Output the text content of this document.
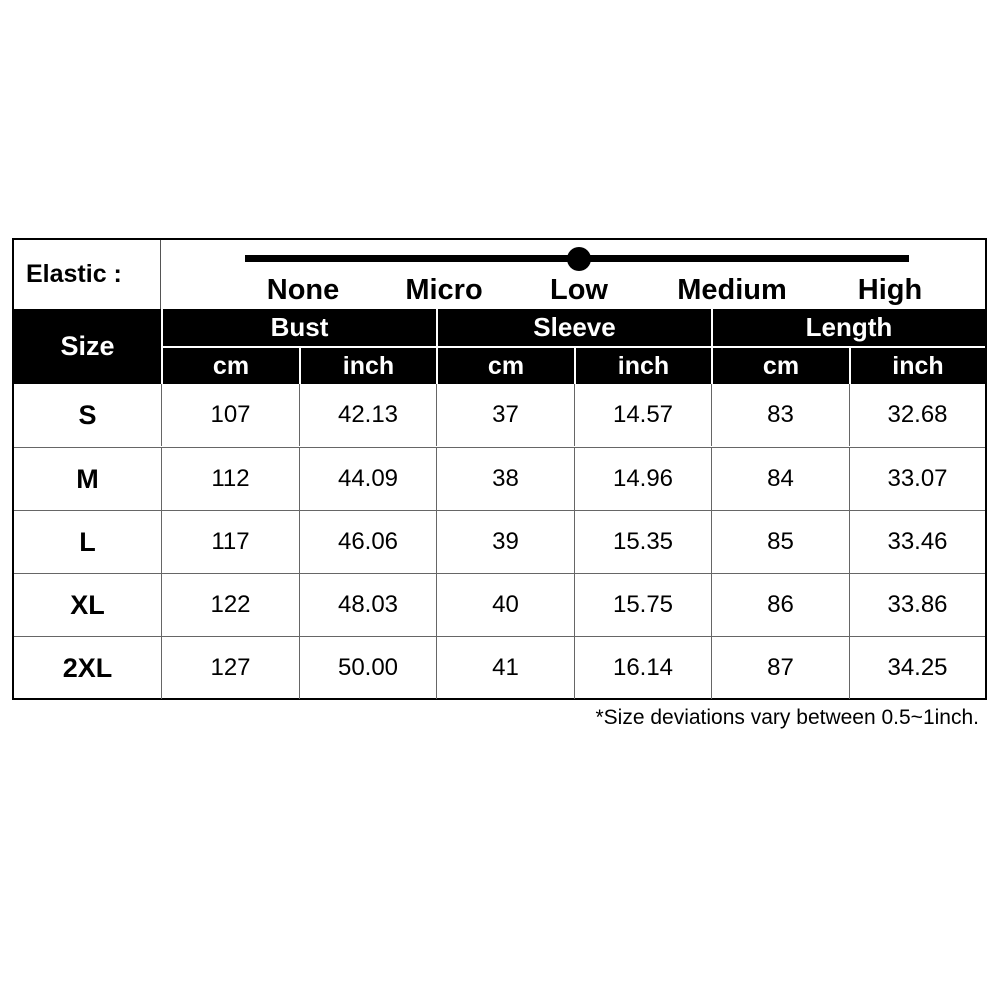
Elastic :	None Micro Low Medium High
Size
Bust	Sleeve	Length
cm	inch	cm	inch	cm	inch
S	107	42.13	37	14.57	83	32.68
M	112	44.09	38	14.96	84	33.07
L	117	46.06	39	15.35	85	33.46
XL	122	48.03	40	15.75	86	33.86
2XL	127	50.00	41	16.14	87	34.25
*Size deviations vary between 0.5~1inch.
